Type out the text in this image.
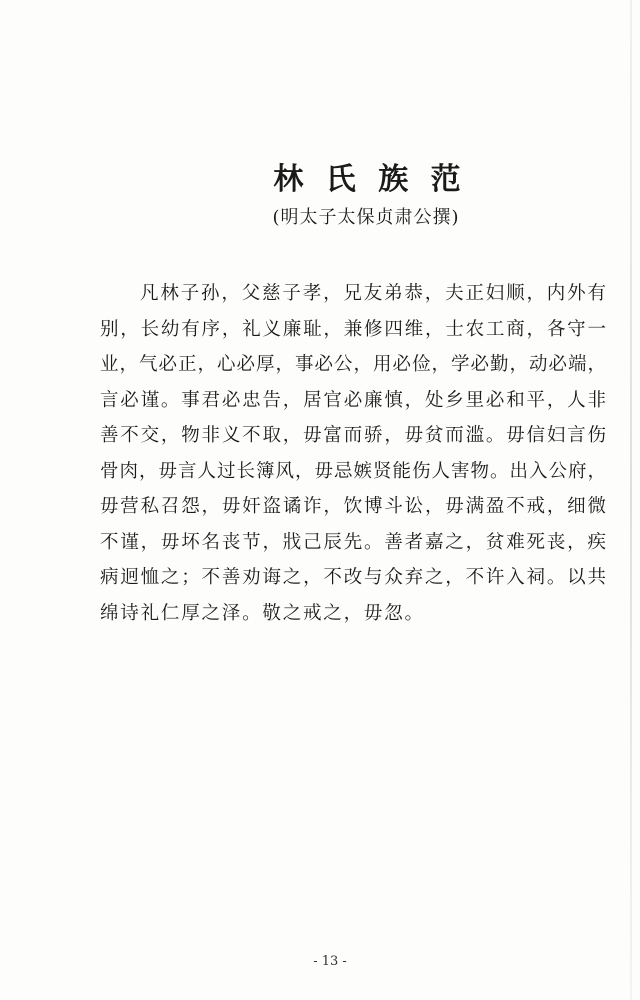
林 氏 族 范
(明太子太保贞肃公撰)
凡林子孙，父慈子孝，兄友弟恭，夫正妇顺，内外有
别，长幼有序，礼义廉耻，兼修四维，士农工商，各守一
业，气必正，心必厚，事必公，用必俭，学必勤，动必端，
言必谨。事君必忠告，居官必廉慎，处乡里必和平，人非
善不交，物非义不取，毋富而骄，毋贫而滥。毋信妇言伤
骨肉，毋言人过长簿风，毋忌嫉贤能伤人害物。出入公府，
毋营私召怨，毋奸盗谲诈，饮博斗讼，毋满盈不戒，细微
不谨，毋坏名丧节，戕己辰先。善者嘉之，贫难死丧，疾
病迥恤之；不善劝诲之，不改与众弃之，不许入祠。以共
绵诗礼仁厚之泽。敬之戒之，毋忽。
- 13 -
